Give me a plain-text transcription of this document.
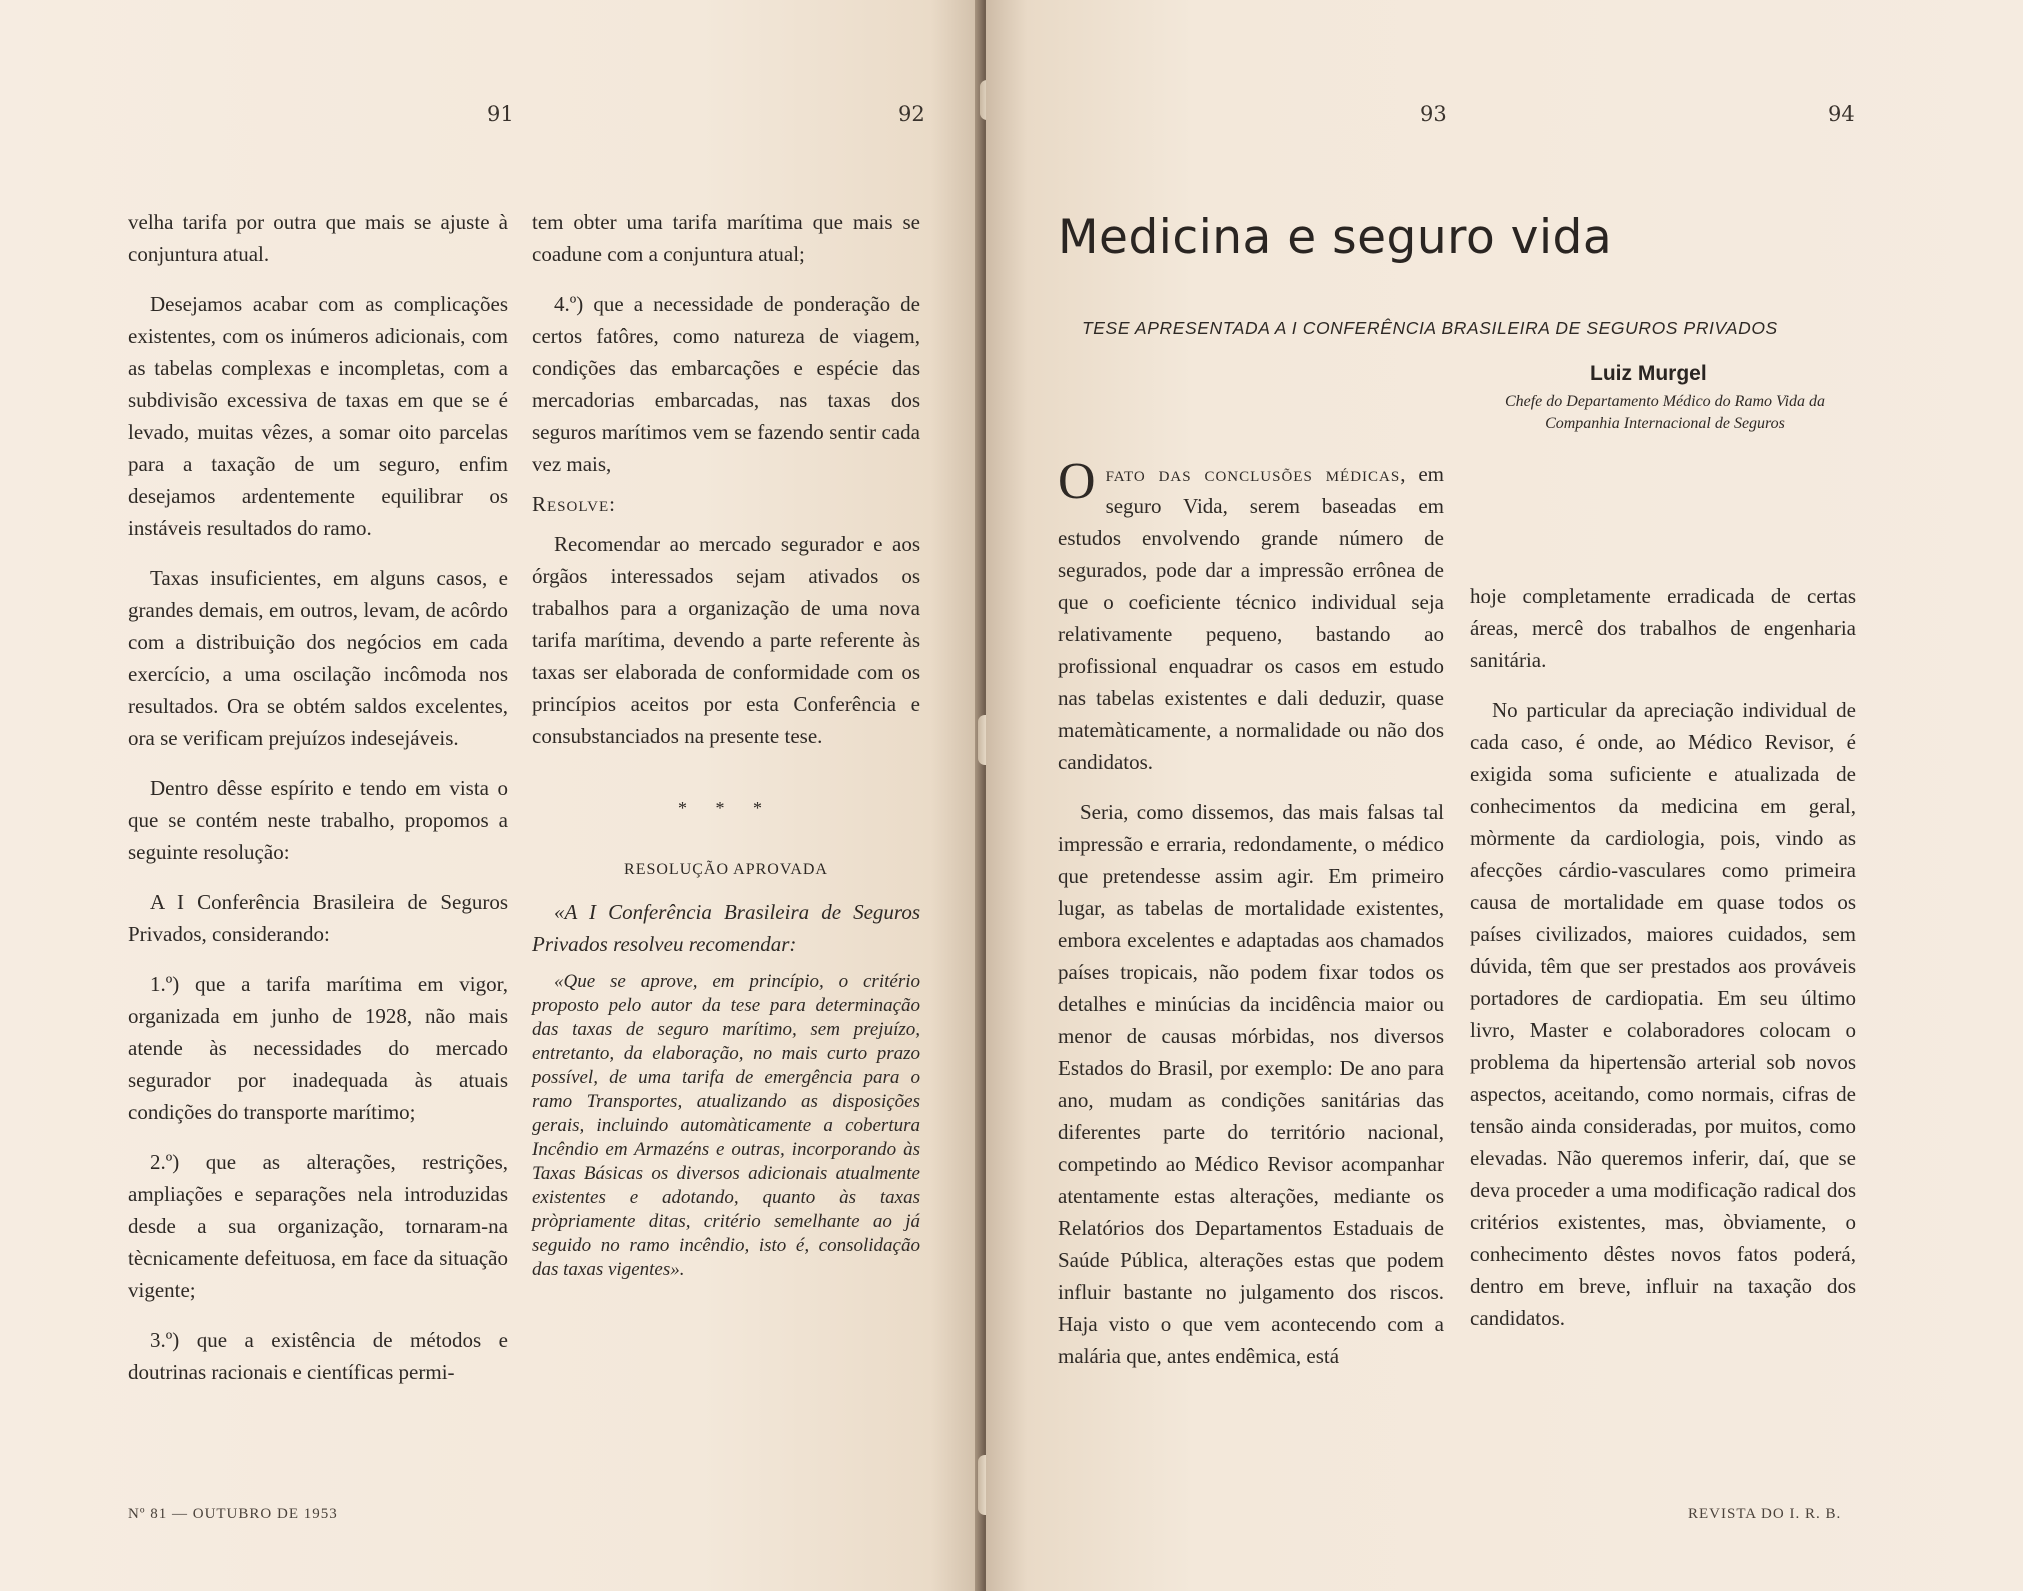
91	92

velha tarifa por outra que mais se ajuste à conjuntura atual.

Desejamos acabar com as complicações existentes, com os inúmeros adicionais, com as tabelas complexas e incompletas, com a subdivisão excessiva de taxas em que se é levado, muitas vêzes, a somar oito parcelas para a taxação de um seguro, enfim desejamos ardentemente equilibrar os instáveis resultados do ramo.

Taxas insuficientes, em alguns casos, e grandes demais, em outros, levam, de acôrdo com a distribuição dos negócios em cada exercício, a uma oscilação incômoda nos resultados. Ora se obtém saldos excelentes, ora se verificam prejuízos indesejáveis.

Dentro dêsse espírito e tendo em vista o que se contém neste trabalho, propomos a seguinte resolução:

A I Conferência Brasileira de Seguros Privados, considerando:

1.º) que a tarifa marítima em vigor, organizada em junho de 1928, não mais atende às necessidades do mercado segurador por inadequada às atuais condições do transporte marítimo;

2.º) que as alterações, restrições, ampliações e separações nela introduzidas desde a sua organização, tornaram-na tècnicamente defeituosa, em face da situação vigente;

3.º) que a existência de métodos e doutrinas racionais e científicas permi-

tem obter uma tarifa marítima que mais se coadune com a conjuntura atual;

4.º) que a necessidade de ponderação de certos fatôres, como natureza de viagem, condições das embarcações e espécie das mercadorias embarcadas, nas taxas dos seguros marítimos vem se fazendo sentir cada vez mais,

Resolve:

Recomendar ao mercado segurador e aos órgãos interessados sejam ativados os trabalhos para a organização de uma nova tarifa marítima, devendo a parte referente às taxas ser elaborada de conformidade com os princípios aceitos por esta Conferência e consubstanciados na presente tese.

* * *
RESOLUÇÃO APROVADA

«A I Conferência Brasileira de Seguros Privados resolveu recomendar:

«Que se aprove, em princípio, o critério proposto pelo autor da tese para determinação das taxas de seguro marítimo, sem prejuízo, entretanto, da elaboração, no mais curto prazo possível, de uma tarifa de emergência para o ramo Transportes, atualizando as disposições gerais, incluindo automàticamente a cobertura Incêndio em Armazéns e outras, incorporando às Taxas Básicas os diversos adicionais atualmente existentes e adotando, quanto às taxas pròpriamente ditas, critério semelhante ao já seguido no ramo incêndio, isto é, consolidação das taxas vigentes».

Nº 81 — OUTUBRO DE 1953
93	94
Medicina e seguro vida
TESE APRESENTADA A I CONFERÊNCIA BRASILEIRA DE SEGUROS PRIVADOS
Luiz Murgel
Chefe do Departamento Médico do Ramo Vida da Companhia Internacional de Seguros

Ofato das conclusões médicas, em seguro Vida, serem baseadas em estudos envolvendo grande número de segurados, pode dar a impressão errônea de que o coeficiente técnico individual seja relativamente pequeno, bastando ao profissional enquadrar os casos em estudo nas tabelas existentes e dali deduzir, quase matemàticamente, a normalidade ou não dos candidatos.

Seria, como dissemos, das mais falsas tal impressão e erraria, redondamente, o médico que pretendesse assim agir. Em primeiro lugar, as tabelas de mortalidade existentes, embora excelentes e adaptadas aos chamados países tropicais, não podem fixar todos os detalhes e minúcias da incidência maior ou menor de causas mórbidas, nos diversos Estados do Brasil, por exemplo: De ano para ano, mudam as condições sanitárias das diferentes parte do território nacional, competindo ao Médico Revisor acompanhar atentamente estas alterações, mediante os Relatórios dos Departamentos Estaduais de Saúde Pública, alterações estas que podem influir bastante no julgamento dos riscos. Haja visto o que vem acontecendo com a malária que, antes endêmica, está

hoje completamente erradicada de certas áreas, mercê dos trabalhos de engenharia sanitária.

No particular da apreciação individual de cada caso, é onde, ao Médico Revisor, é exigida soma suficiente e atualizada de conhecimentos da medicina em geral, mòrmente da cardiologia, pois, vindo as afecções cárdio-vasculares como primeira causa de mortalidade em quase todos os países civilizados, maiores cuidados, sem dúvida, têm que ser prestados aos prováveis portadores de cardiopatia. Em seu último livro, Master e colaboradores colocam o problema da hipertensão arterial sob novos aspectos, aceitando, como normais, cifras de tensão ainda consideradas, por muitos, como elevadas. Não queremos inferir, daí, que se deva proceder a uma modificação radical dos critérios existentes, mas, òbviamente, o conhecimento dêstes novos fatos poderá, dentro em breve, influir na taxação dos candidatos.

REVISTA DO I. R. B.
